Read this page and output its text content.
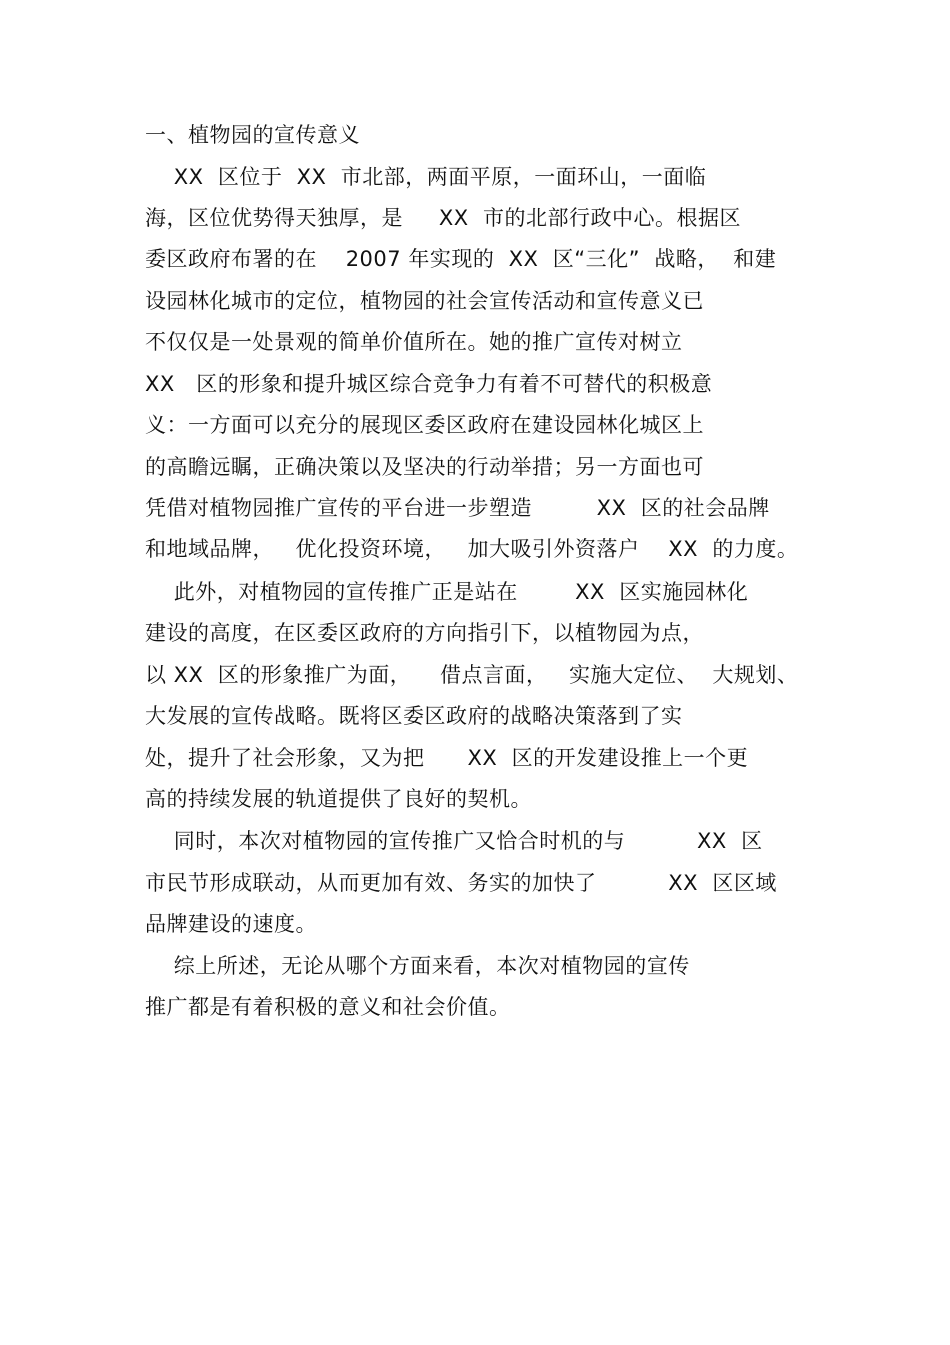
一、植物园的宣传意义
XX  区位于  XX  市北部，两面平原，一面环山，一面临
海，区位优势得天独厚，是     XX  市的北部行政中心。根据区
委区政府布署的在    2007 年实现的  XX  区“三化”  战略，  和建
设园林化城市的定位，植物园的社会宣传活动和宣传意义已
不仅仅是一处景观的简单价值所在。她的推广宣传对树立
XX   区的形象和提升城区综合竞争力有着不可替代的积极意
义：一方面可以充分的展现区委区政府在建设园林化城区上
的高瞻远瞩，正确决策以及坚决的行动举措；另一方面也可
凭借对植物园推广宣传的平台进一步塑造         XX  区的社会品牌
和地域品牌，   优化投资环境，   加大吸引外资落户    XX  的力度。
此外，对植物园的宣传推广正是站在        XX  区实施园林化
建设的高度，在区委区政府的方向指引下，以植物园为点，
以 XX  区的形象推广为面，    借点言面，   实施大定位、  大规划、
大发展的宣传战略。既将区委区政府的战略决策落到了实
处，提升了社会形象，又为把      XX  区的开发建设推上一个更
高的持续发展的轨道提供了良好的契机。
同时，本次对植物园的宣传推广又恰合时机的与          XX  区
市民节形成联动，从而更加有效、务实的加快了          XX  区区域
品牌建设的速度。
综上所述，无论从哪个方面来看，本次对植物园的宣传
推广都是有着积极的意义和社会价值。
